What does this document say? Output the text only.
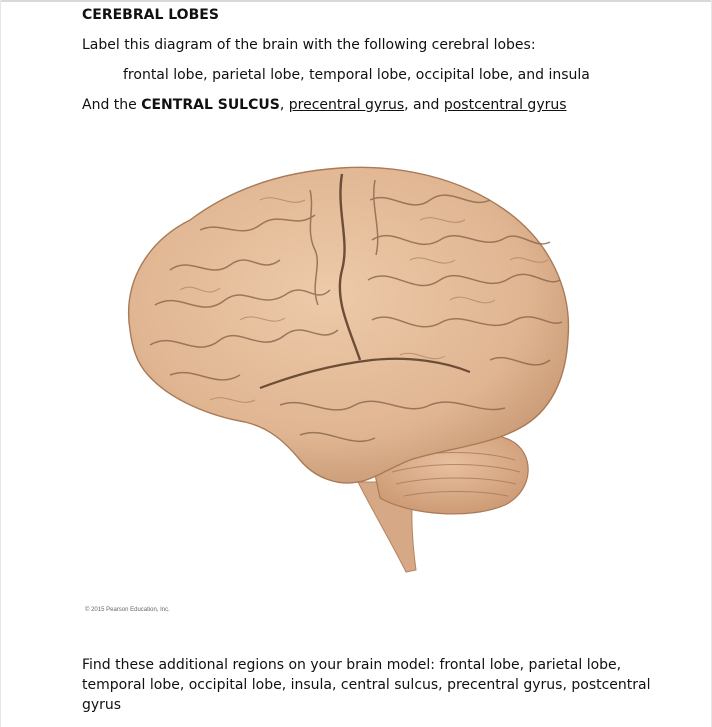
CEREBRAL LOBES
Label this diagram of the brain with the following cerebral lobes:
frontal lobe, parietal lobe, temporal lobe, occipital lobe, and insula
And the CENTRAL SULCUS, precentral gyrus, and postcentral gyrus
© 2015 Pearson Education, Inc.
Find these additional regions on your brain model: frontal lobe, parietal lobe, temporal lobe, occipital lobe, insula, central sulcus, precentral gyrus, postcentral gyrus
